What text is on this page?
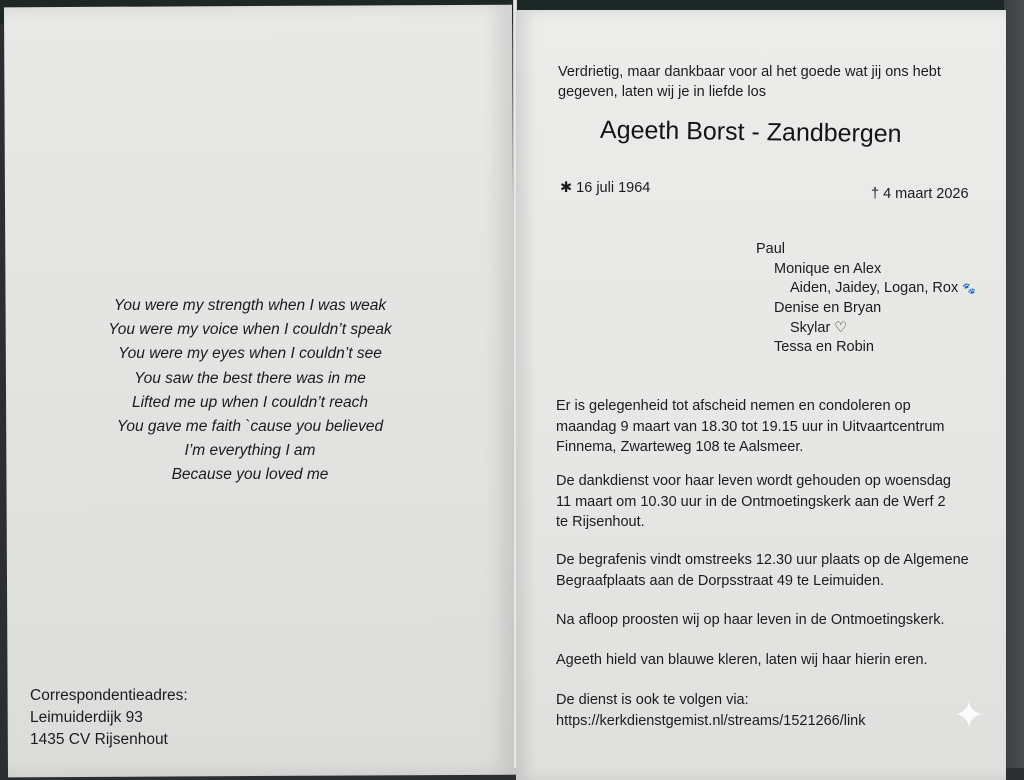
You were my strength when I was weak
You were my voice when I couldn’t speak
You were my eyes when I couldn’t see
You saw the best there was in me
Lifted me up when I couldn’t reach
You gave me faith `cause you believed
I’m everything I am
Because you loved me
Correspondentieadres:
Leimuiderdijk 93
1435 CV Rijsenhout
Verdrietig, maar dankbaar voor al het goede wat jij ons hebt gegeven, laten wij je in liefde los
Ageeth Borst - Zandbergen
✱ 16 juli 1964	† 4 maart 2026
Paul
Monique en Alex
Aiden, Jaidey, Logan, Rox 🐾
Denise en Bryan
Skylar ♡
Tessa en Robin
Er is gelegenheid tot afscheid nemen en condoleren op
maandag 9 maart van 18.30 tot 19.15 uur in Uitvaartcentrum
Finnema, Zwarteweg 108 te Aalsmeer.
De dankdienst voor haar leven wordt gehouden op woensdag
11 maart om 10.30 uur in de Ontmoetingskerk aan de Werf 2
te Rijsenhout.
De begrafenis vindt omstreeks 12.30 uur plaats op de Algemene
Begraafplaats aan de Dorpsstraat 49 te Leimuiden.
Na afloop proosten wij op haar leven in de Ontmoetingskerk.
Ageeth hield van blauwe kleren, laten wij haar hierin eren.
De dienst is ook te volgen via:
https://kerkdienstgemist.nl/streams/1521266/link	✦
